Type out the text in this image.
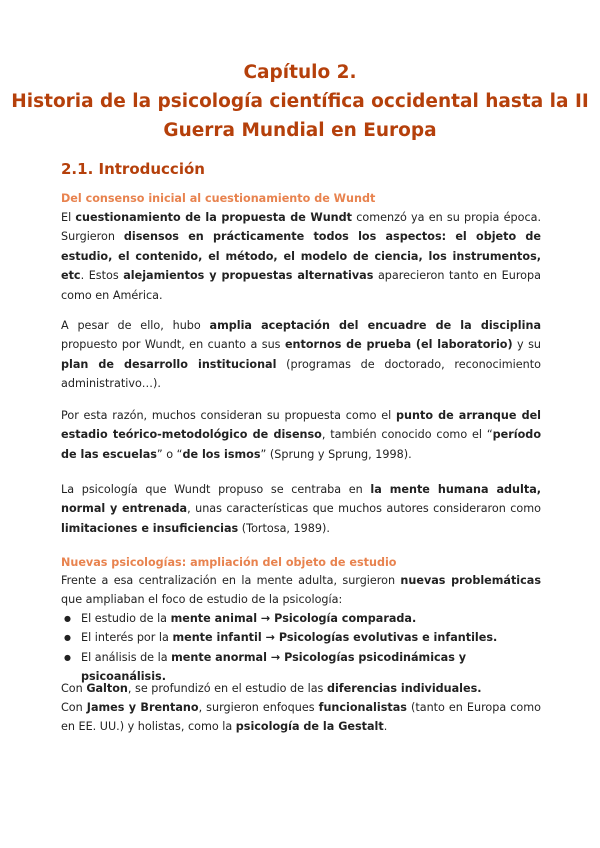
Capítulo 2.
Historia de la psicología científica occidental hasta la II
Guerra Mundial en Europa
2.1. Introducción
Del consenso inicial al cuestionamiento de Wundt

El cuestionamiento de la propuesta de Wundt comenzó ya en su propia época. Surgieron disensos en prácticamente todos los aspectos: el objeto de estudio, el contenido, el método, el modelo de ciencia, los instrumentos, etc. Estos alejamientos y propuestas alternativas aparecieron tanto en Europa como en América.

A pesar de ello, hubo amplia aceptación del encuadre de la disciplina propuesto por Wundt, en cuanto a sus entornos de prueba (el laboratorio) y su plan de desarrollo institucional (programas de doctorado, reconocimiento administrativo…).

Por esta razón, muchos consideran su propuesta como el punto de arranque del estadio teórico-metodológico de disenso, también conocido como el “período de las escuelas” o “de los ismos” (Sprung y Sprung, 1998).

La psicología que Wundt propuso se centraba en la mente humana adulta, normal y entrenada, unas características que muchos autores consideraron como limitaciones e insuficiencias (Tortosa, 1989).

Nuevas psicologías: ampliación del objeto de estudio

Frente a esa centralización en la mente adulta, surgieron nuevas problemáticas que ampliaban el foco de estudio de la psicología:

● El estudio de la mente animal → Psicología comparada.
● El interés por la mente infantil → Psicologías evolutivas e infantiles.
● El análisis de la mente anormal → Psicologías psicodinámicas y psicoanálisis.

Con Galton, se profundizó en el estudio de las diferencias individuales.

Con James y Brentano, surgieron enfoques funcionalistas (tanto en Europa como en EE. UU.) y holistas, como la psicología de la Gestalt.
